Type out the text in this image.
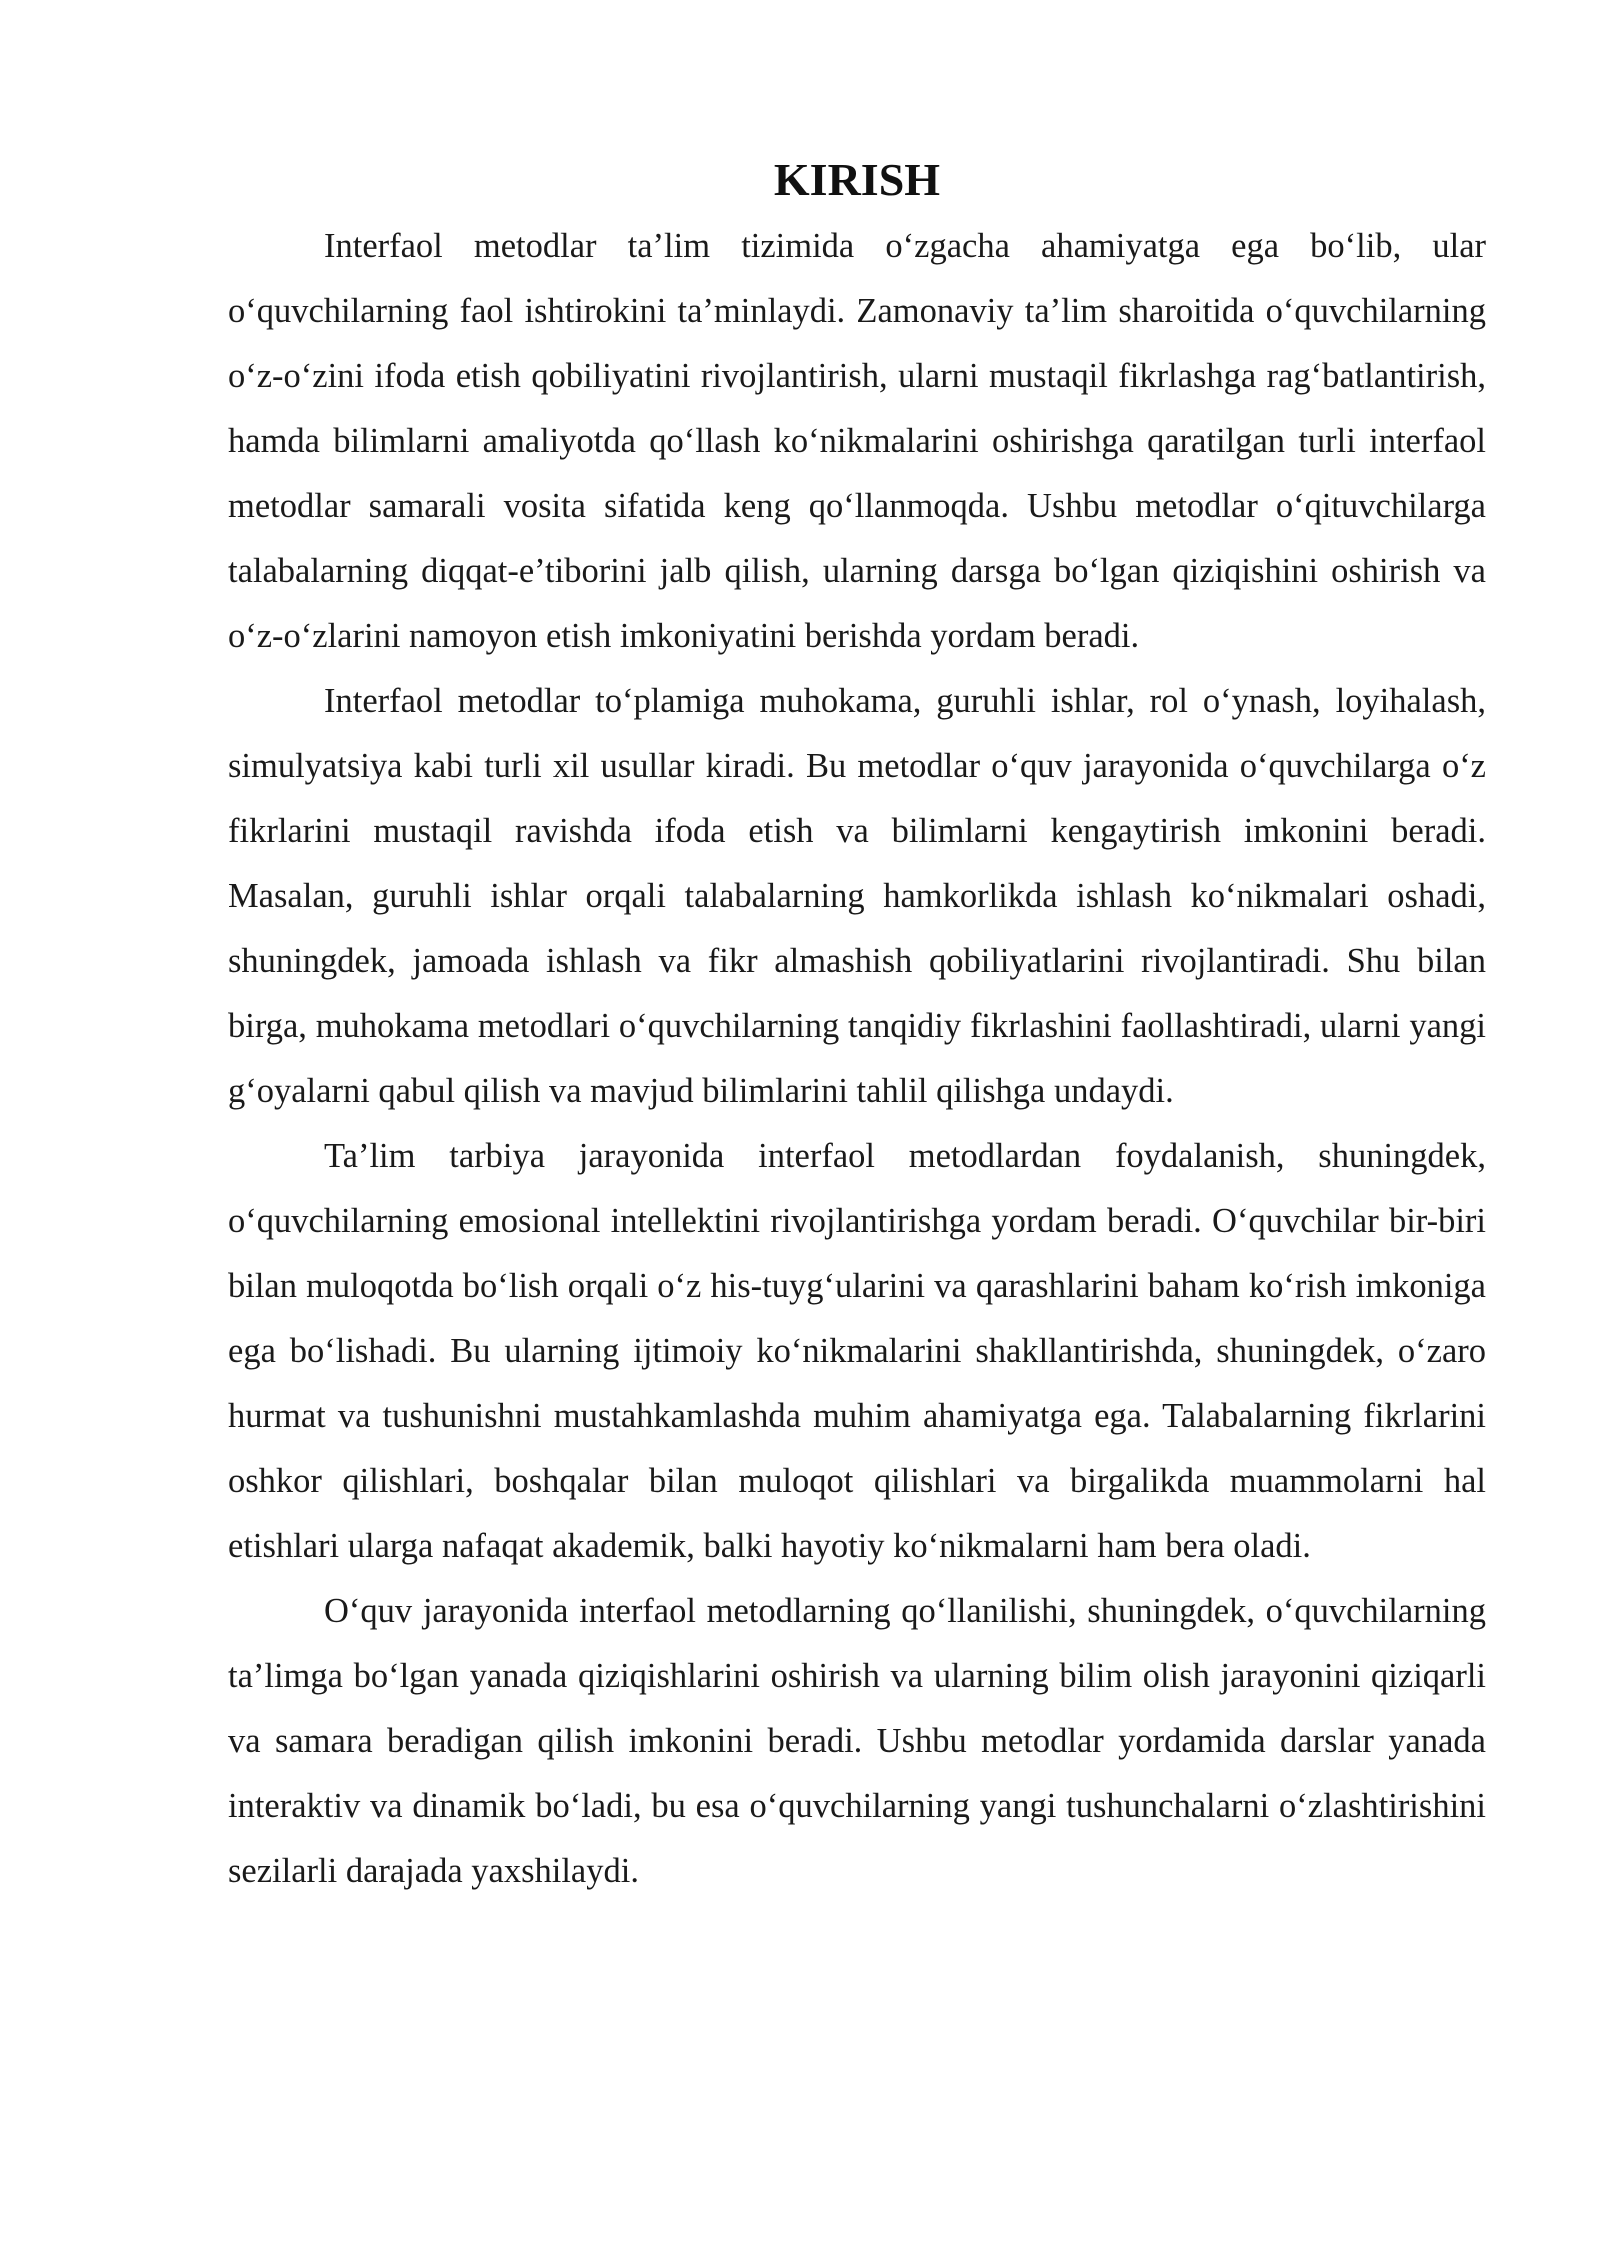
KIRISH

Interfaol metodlar ta’lim tizimida o‘zgacha ahamiyatga ega bo‘lib, ular o‘quvchilarning faol ishtirokini ta’minlaydi. Zamonaviy ta’lim sharoitida o‘quvchilarning o‘z-o‘zini ifoda etish qobiliyatini rivojlantirish, ularni mustaqil fikrlashga rag‘batlantirish, hamda bilimlarni amaliyotda qo‘llash ko‘nikmalarini oshirishga qaratilgan turli interfaol metodlar samarali vosita sifatida keng qo‘llanmoqda. Ushbu metodlar o‘qituvchilarga talabalarning diqqat-e’tiborini jalb qilish, ularning darsga bo‘lgan qiziqishini oshirish va o‘z-o‘zlarini namoyon etish imkoniyatini berishda yordam beradi.

Interfaol metodlar to‘plamiga muhokama, guruhli ishlar, rol o‘ynash, loyihalash, simulyatsiya kabi turli xil usullar kiradi. Bu metodlar o‘quv jarayonida o‘quvchilarga o‘z fikrlarini mustaqil ravishda ifoda etish va bilimlarni kengaytirish imkonini beradi. Masalan, guruhli ishlar orqali talabalarning hamkorlikda ishlash ko‘nikmalari oshadi, shuningdek, jamoada ishlash va fikr almashish qobiliyatlarini rivojlantiradi. Shu bilan birga, muhokama metodlari o‘quvchilarning tanqidiy fikrlashini faollashtiradi, ularni yangi g‘oyalarni qabul qilish va mavjud bilimlarini tahlil qilishga undaydi.

Ta’lim tarbiya jarayonida interfaol metodlardan foydalanish, shuningdek, o‘quvchilarning emosional intellektini rivojlantirishga yordam beradi. O‘quvchilar bir-biri bilan muloqotda bo‘lish orqali o‘z his-tuyg‘ularini va qarashlarini baham ko‘rish imkoniga ega bo‘lishadi. Bu ularning ijtimoiy ko‘nikmalarini shakllantirishda, shuningdek, o‘zaro hurmat va tushunishni mustahkamlashda muhim ahamiyatga ega. Talabalarning fikrlarini oshkor qilishlari, boshqalar bilan muloqot qilishlari va birgalikda muammolarni hal etishlari ularga nafaqat akademik, balki hayotiy ko‘nikmalarni ham bera oladi.

O‘quv jarayonida interfaol metodlarning qo‘llanilishi, shuningdek, o‘quvchilarning ta’limga bo‘lgan yanada qiziqishlarini oshirish va ularning bilim olish jarayonini qiziqarli va samara beradigan qilish imkonini beradi. Ushbu metodlar yordamida darslar yanada interaktiv va dinamik bo‘ladi, bu esa o‘quvchilarning yangi tushunchalarni o‘zlashtirishini sezilarli darajada yaxshilaydi.
